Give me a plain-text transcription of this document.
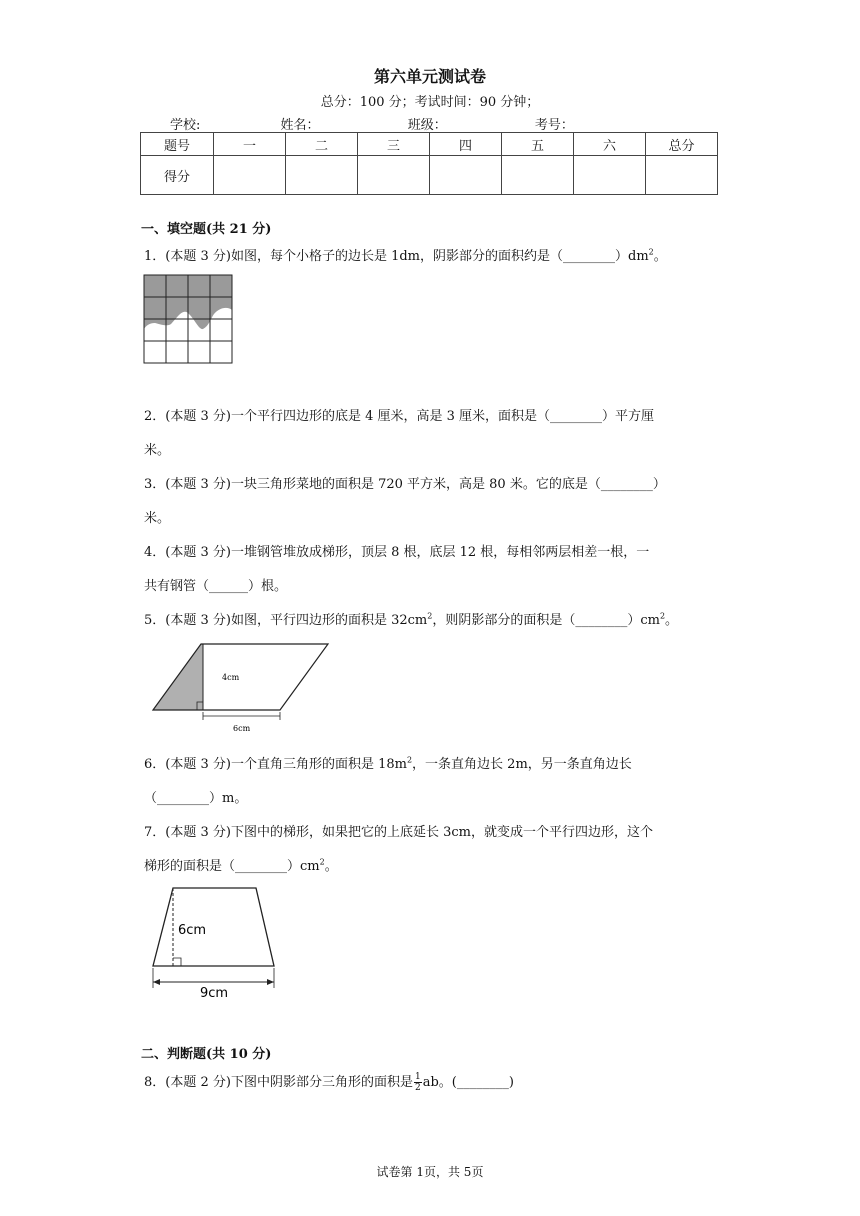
第六单元测试卷
总分：100 分；考试时间：90 分钟；
学校:	姓名：	班级：	考号：
题号	一	二	三	四	五	六	总分
得分							
一、填空题(共 21 分)
1．(本题 3 分)如图，每个小格子的边长是 1dm，阴影部分的面积约是$(\_\_\_\_\_\_\_\_)dm^2$。
2．(本题 3 分)一个平行四边形的底是 4 厘米，高是 3 厘米，面积是（________）平方厘
米。
3．(本题 3 分)一块三角形菜地的面积是 720 平方米，高是 80 米。它的底是（________）
米。
4．(本题 3 分)一堆钢管堆放成梯形，顶层 8 根，底层 12 根，每相邻两层相差一根，一
共有钢管（______）根。
5．(本题 3 分)如图，平行四边形的面积是 $32cm^2$，则阴影部分的面积是$(\_\_\_\_\_\_\_\_)cm^2$。
4cm
6cm
6．(本题 3 分)一个直角三角形的面积是 $18m^2$，一条直角边长 2m，另一条直角边长
（________）m。
7．(本题 3 分)下图中的梯形，如果把它的上底延长 3cm，就变成一个平行四边形，这个
梯形的面积是$(\_\_\_\_\_\_\_\_)cm^2$。
6cm
9cm
二、判断题(共 10 分)
8．(本题 2 分)下图中阴影部分三角形的面积是 $\frac{1}{2}$ ab。(________)
试卷第 1页，共 5页
